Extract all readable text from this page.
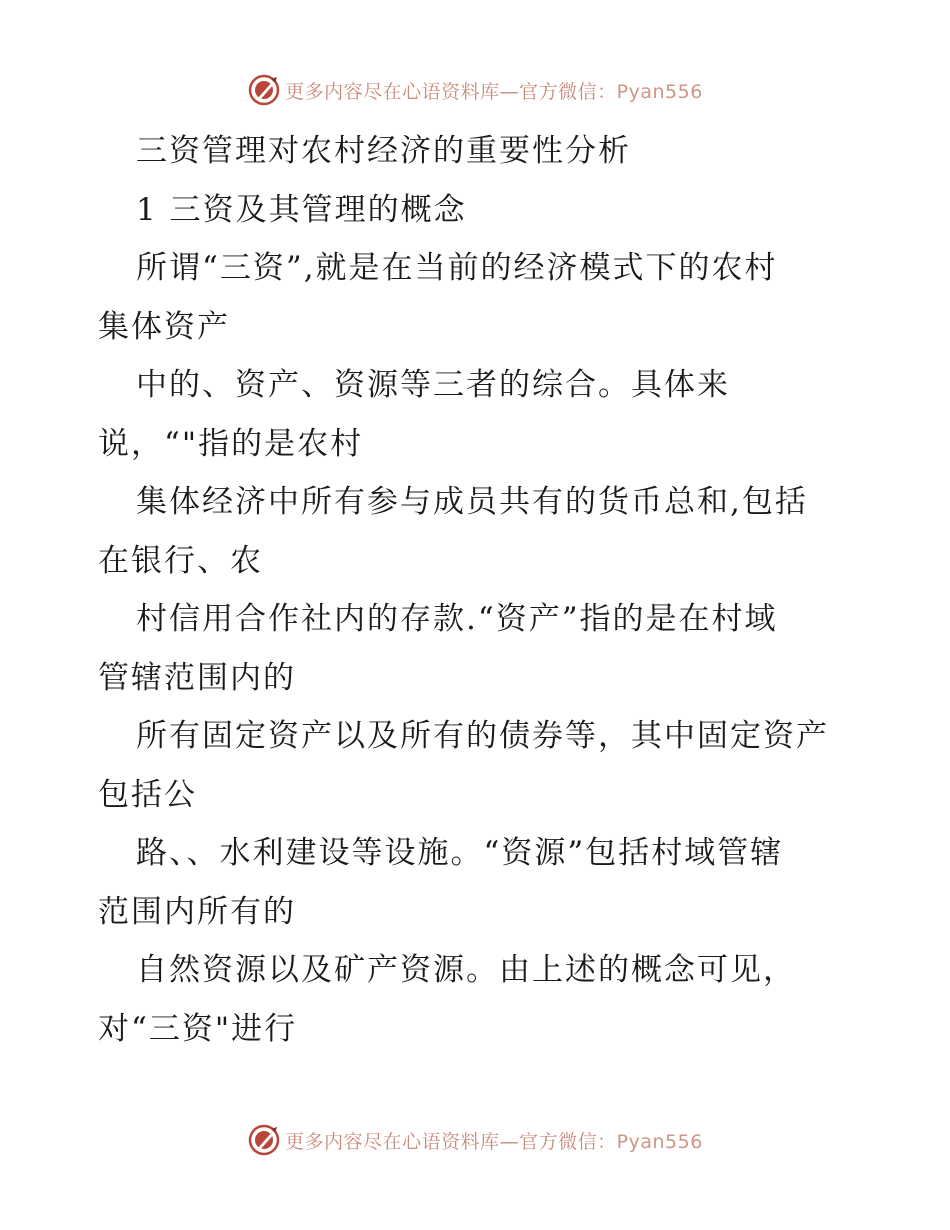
更多内容尽在心语资料库—官方微信：Pyan556
三资管理对农村经济的重要性分析
1 三资及其管理的概念
所谓“三资”,就是在当前的经济模式下的农村
集体资产
中的、资产、资源等三者的综合。具体来
说，“"指的是农村
集体经济中所有参与成员共有的货币总和,包括
在银行、农
村信用合作社内的存款.“资产”指的是在村域
管辖范围内的
所有固定资产以及所有的债券等，其中固定资产
包括公
路、、水利建设等设施。“资源”包括村域管辖
范围内所有的
自然资源以及矿产资源。由上述的概念可见，
对“三资"进行
更多内容尽在心语资料库—官方微信：Pyan556
